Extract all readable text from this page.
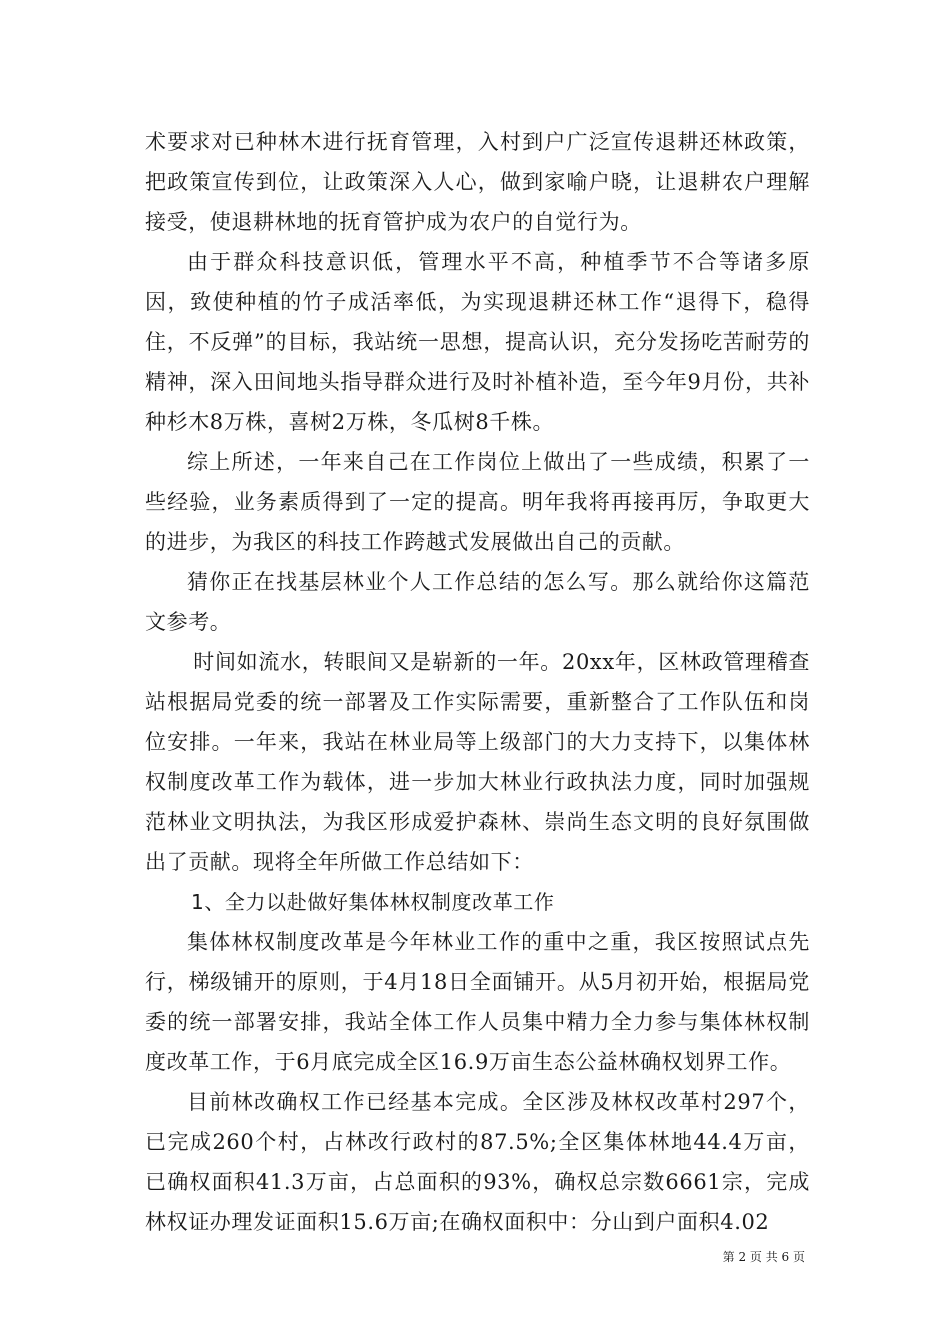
术要求对已种林木进行抚育管理，入村到户广泛宣传退耕还林政策，把政策宣传到位，让政策深入人心，做到家喻户晓，让退耕农户理解接受，使退耕林地的抚育管护成为农户的自觉行为。

由于群众科技意识低，管理水平不高，种植季节不合等诸多原因，致使种植的竹子成活率低，为实现退耕还林工作“退得下，稳得住，不反弹”的目标，我站统一思想，提高认识，充分发扬吃苦耐劳的精神，深入田间地头指导群众进行及时补植补造，至今年9月份，共补种杉木8万株，喜树2万株，冬瓜树8千株。

综上所述，一年来自己在工作岗位上做出了一些成绩，积累了一些经验，业务素质得到了一定的提高。明年我将再接再厉，争取更大的进步，为我区的科技工作跨越式发展做出自己的贡献。

猜你正在找基层林业个人工作总结的怎么写。那么就给你这篇范文参考。

时间如流水，转眼间又是崭新的一年。20xx年，区林政管理稽查站根据局党委的统一部署及工作实际需要，重新整合了工作队伍和岗位安排。一年来，我站在林业局等上级部门的大力支持下，以集体林权制度改革工作为载体，进一步加大林业行政执法力度，同时加强规范林业文明执法，为我区形成爱护森林、崇尚生态文明的良好氛围做出了贡献。现将全年所做工作总结如下：

1、全力以赴做好集体林权制度改革工作

集体林权制度改革是今年林业工作的重中之重，我区按照试点先行，梯级铺开的原则，于4月18日全面铺开。从5月初开始，根据局党委的统一部署安排，我站全体工作人员集中精力全力参与集体林权制度改革工作，于6月底完成全区16.9万亩生态公益林确权划界工作。

目前林改确权工作已经基本完成。全区涉及林权改革村297个，已完成260个村，占林改行政村的87.5%;全区集体林地44.4万亩，已确权面积41.3万亩，占总面积的93%，确权总宗数6661宗，完成林权证办理发证面积15.6万亩;在确权面积中：分山到户面积4.02

第 2 页 共 6 页
